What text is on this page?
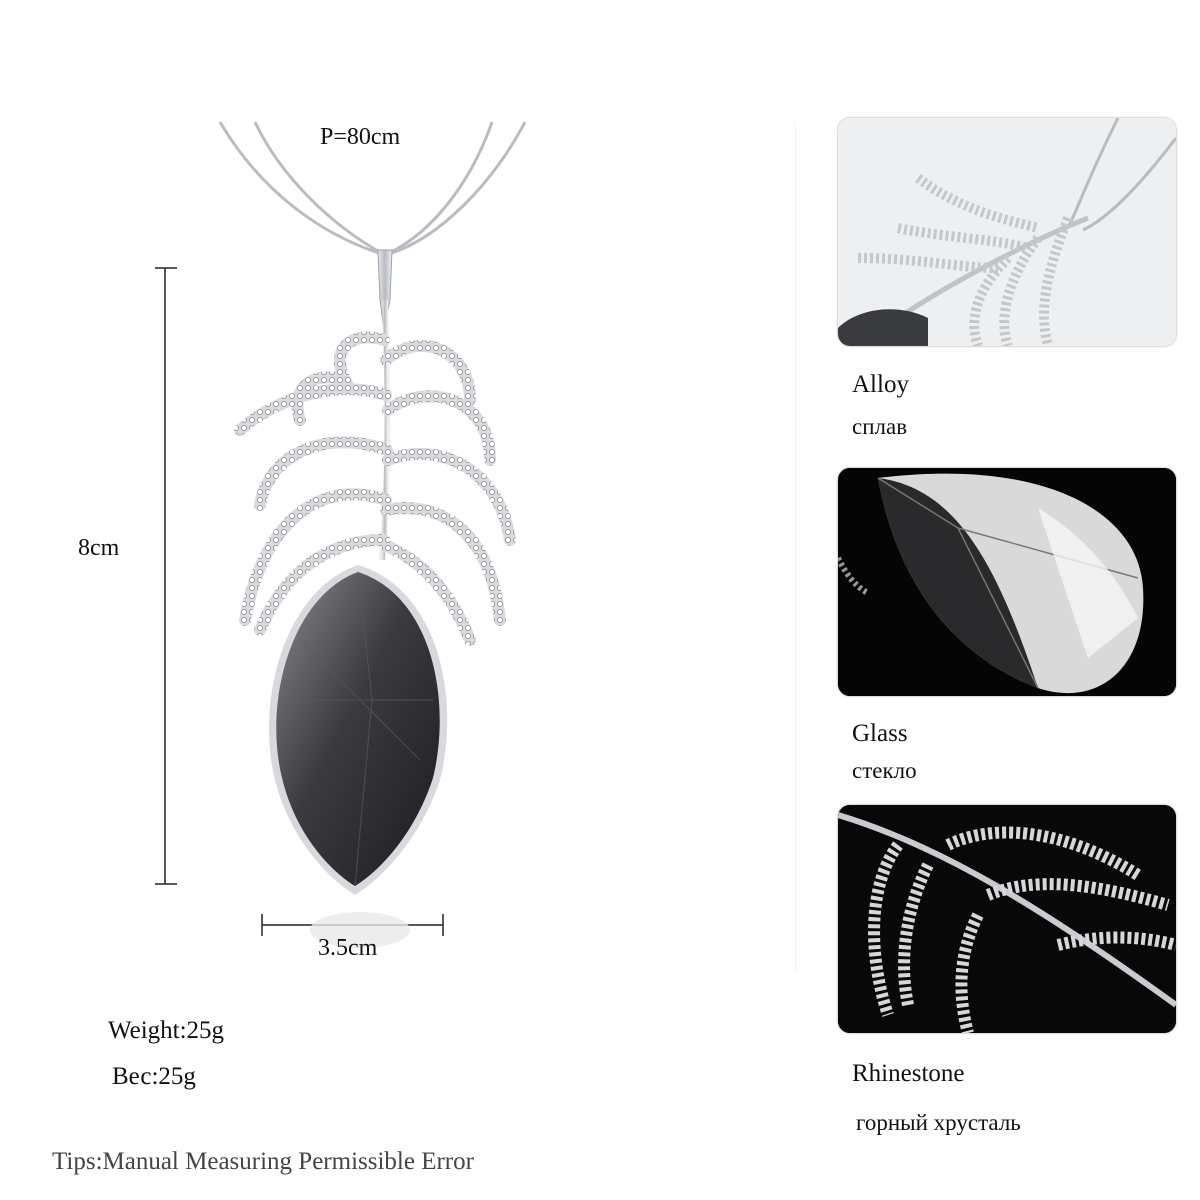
P=80cm
8cm
3.5cm
Weight:25g
Вес:25g
Tips:Manual Measuring Permissible Error
Alloy
сплав
Glass
стекло
Rhinestone
горный хрусталь
